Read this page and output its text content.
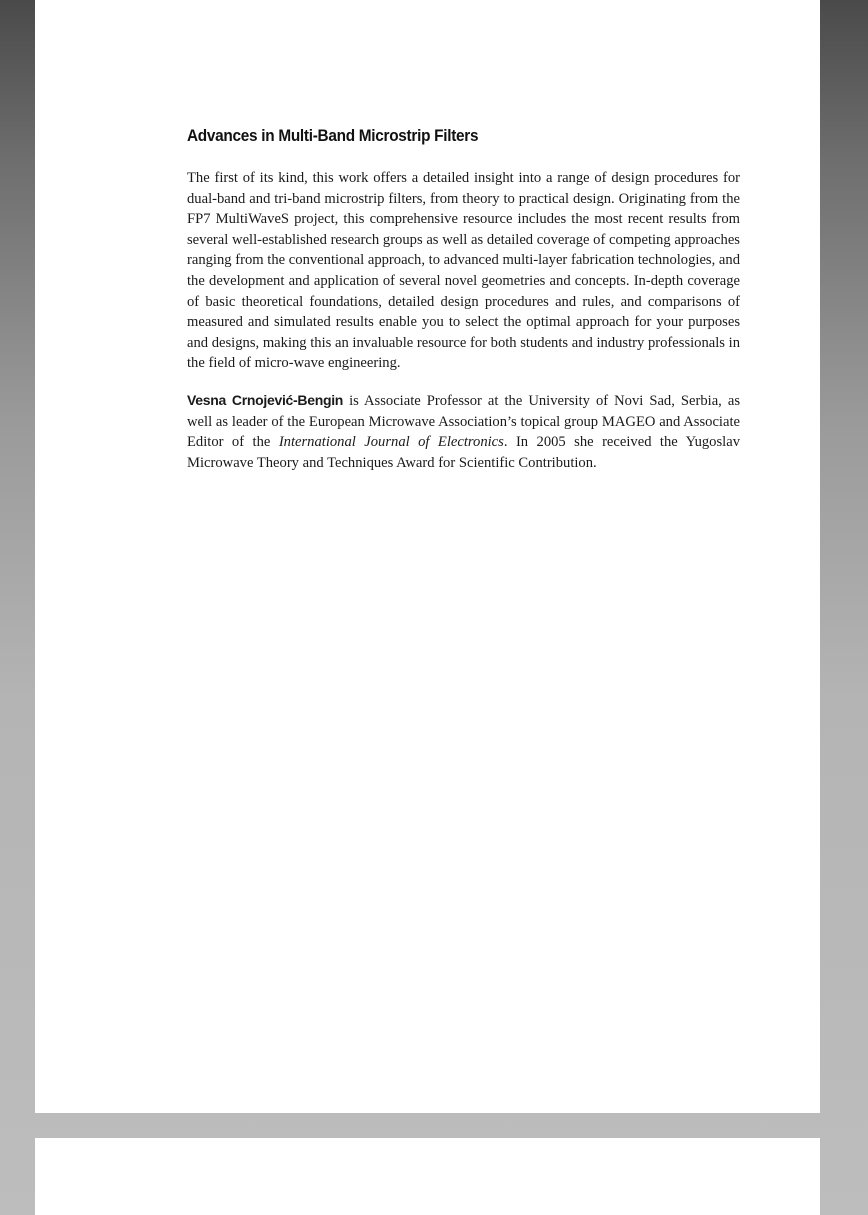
Advances in Multi-Band Microstrip Filters

The first of its kind, this work offers a detailed insight into a range of design procedures for dual-band and tri-band microstrip filters, from theory to practical design. Originating from the FP7 MultiWaveS project, this comprehensive resource includes the most recent results from several well-established research groups as well as detailed coverage of competing approaches ranging from the conventional approach, to advanced multi-layer fabrication technologies, and the development and application of several novel geometries and concepts. In-depth coverage of basic theoretical foundations, detailed design procedures and rules, and comparisons of measured and simulated results enable you to select the optimal approach for your purposes and designs, making this an invaluable resource for both students and industry professionals in the field of micro-wave engineering.

Vesna Crnojević-Bengin is Associate Professor at the University of Novi Sad, Serbia, as well as leader of the European Microwave Association’s topical group MAGEO and Associate Editor of the International Journal of Electronics. In 2005 she received the Yugoslav Microwave Theory and Techniques Award for Scientific Contribution.
